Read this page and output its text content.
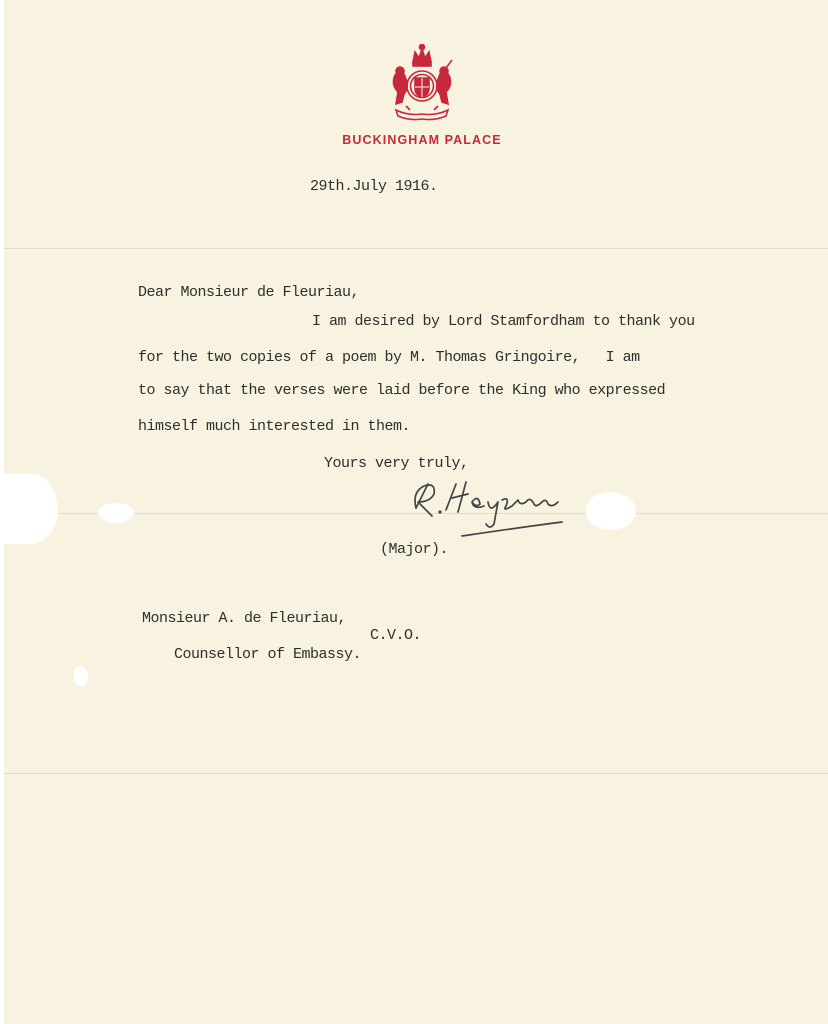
BUCKINGHAM PALACE
29th.July 1916.
Dear Monsieur de Fleuriau,
I am desired by Lord Stamfordham to thank you
for the two copies of a poem by M. Thomas Gringoire,   I am
to say that the verses were laid before the King who expressed
himself much interested in them.
Yours very truly,
(Major).
Monsieur A. de Fleuriau,
C.V.O.
Counsellor of Embassy.
